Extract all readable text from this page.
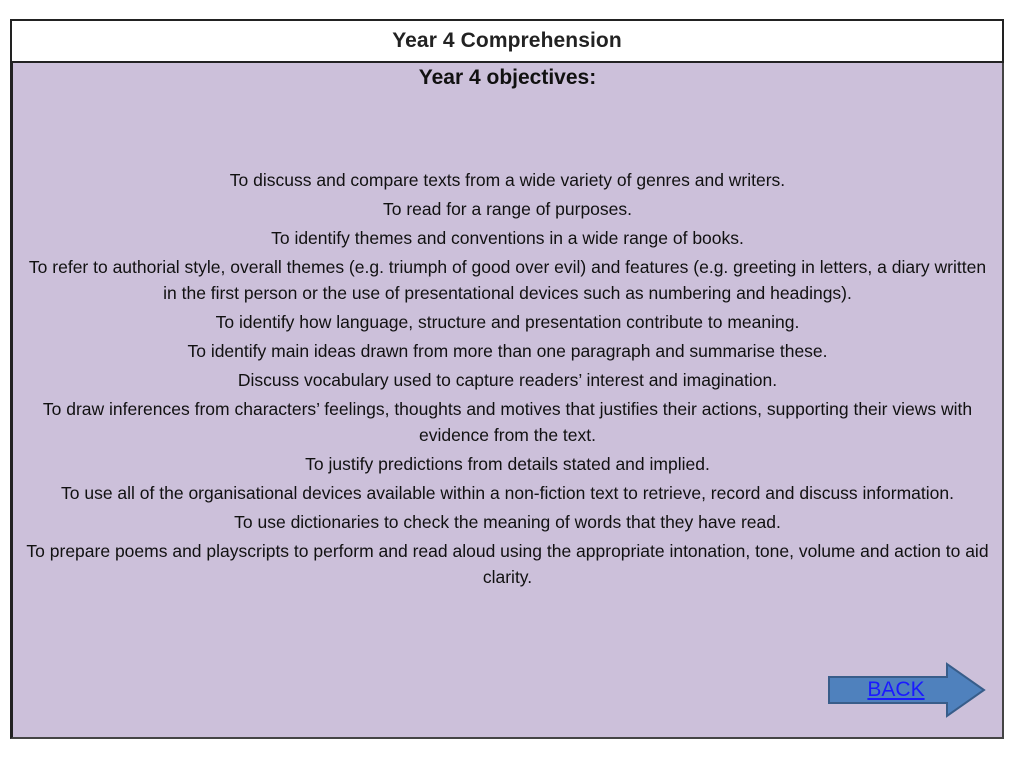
Year 4 Comprehension
Year 4 objectives:
To discuss and compare texts from a wide variety of genres and writers.
To read for a range of purposes.
To identify themes and conventions in a wide range of books.
To refer to authorial style, overall themes (e.g. triumph of good over evil) and features (e.g. greeting in letters, a diary written in the first person or the use of presentational devices such as numbering and headings).
To identify how language, structure and presentation contribute to meaning.
To identify main ideas drawn from more than one paragraph and summarise these.
Discuss vocabulary used to capture readers’ interest and imagination.
To draw inferences from characters’ feelings, thoughts and motives that justifies their actions, supporting their views with evidence from the text.
To justify predictions from details stated and implied.
To use all of the organisational devices available within a non-fiction text to retrieve, record and discuss information.
To use dictionaries to check the meaning of words that they have read.
To prepare poems and playscripts to perform and read aloud using the appropriate intonation, tone, volume and action to aid clarity.
BACK
